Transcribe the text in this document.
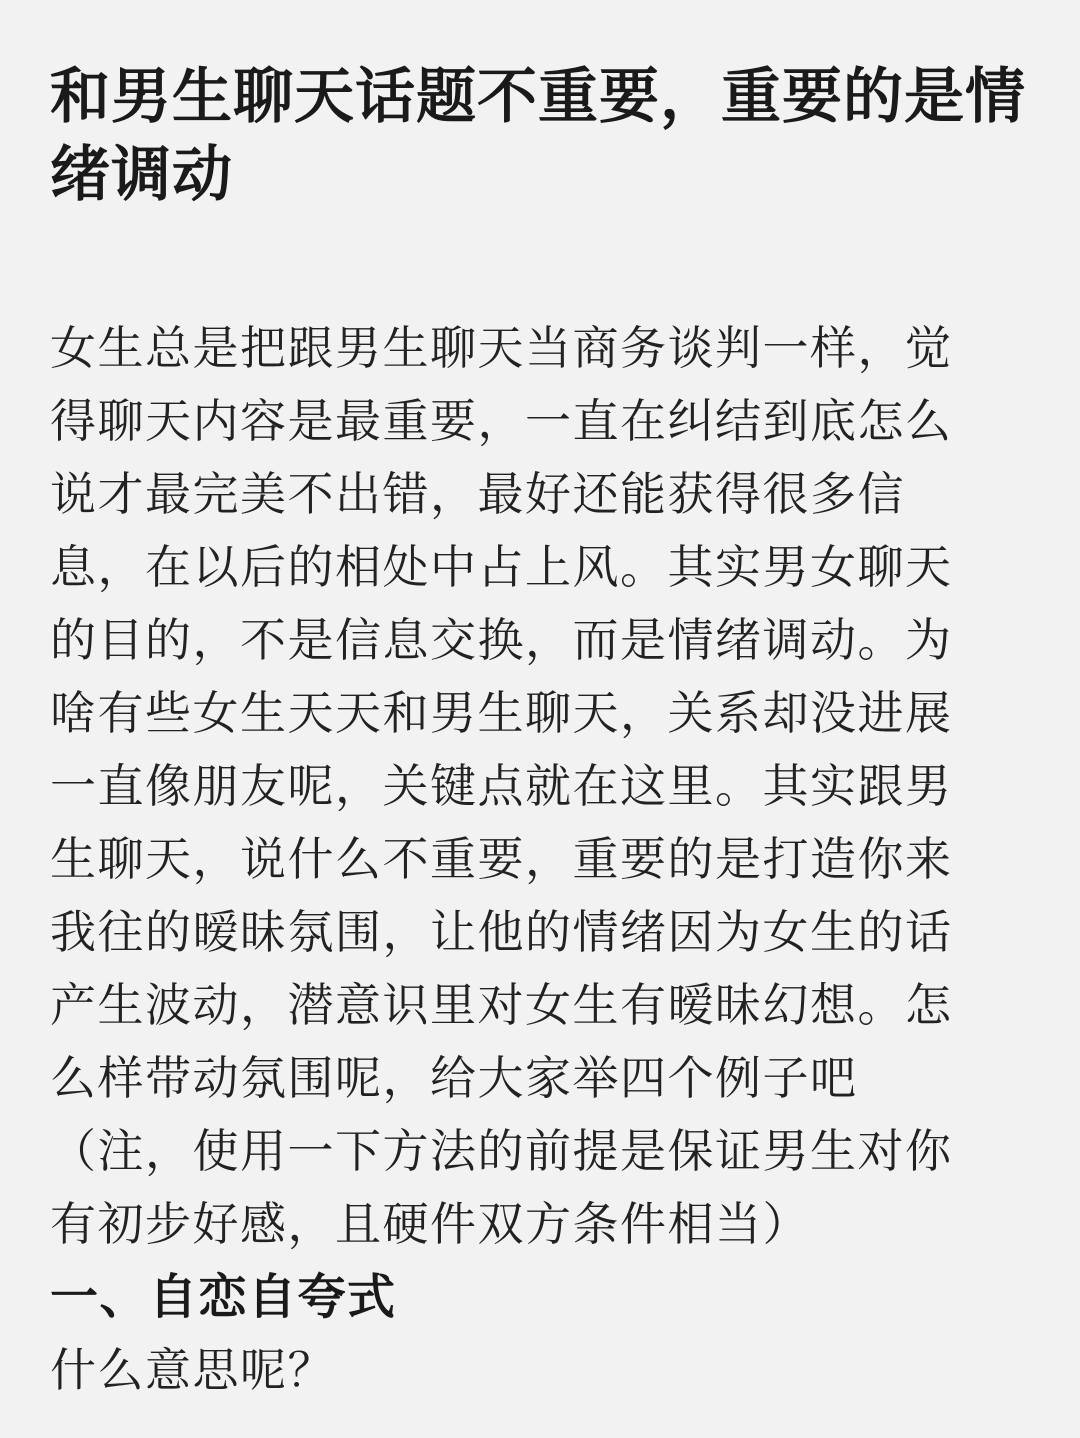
和男生聊天话题不重要，重要的是情绪调动
女生总是把跟男生聊天当商务谈判一样，觉
得聊天内容是最重要，一直在纠结到底怎么
说才最完美不出错，最好还能获得很多信
息，在以后的相处中占上风。其实男女聊天
的目的，不是信息交换，而是情绪调动。为
啥有些女生天天和男生聊天，关系却没进展
一直像朋友呢，关键点就在这里。其实跟男
生聊天，说什么不重要，重要的是打造你来
我往的暧昧氛围，让他的情绪因为女生的话
产生波动，潜意识里对女生有暧昧幻想。怎
么样带动氛围呢，给大家举四个例子吧
（注，使用一下方法的前提是保证男生对你
有初步好感，且硬件双方条件相当）
一、自恋自夸式
什么意思呢？
